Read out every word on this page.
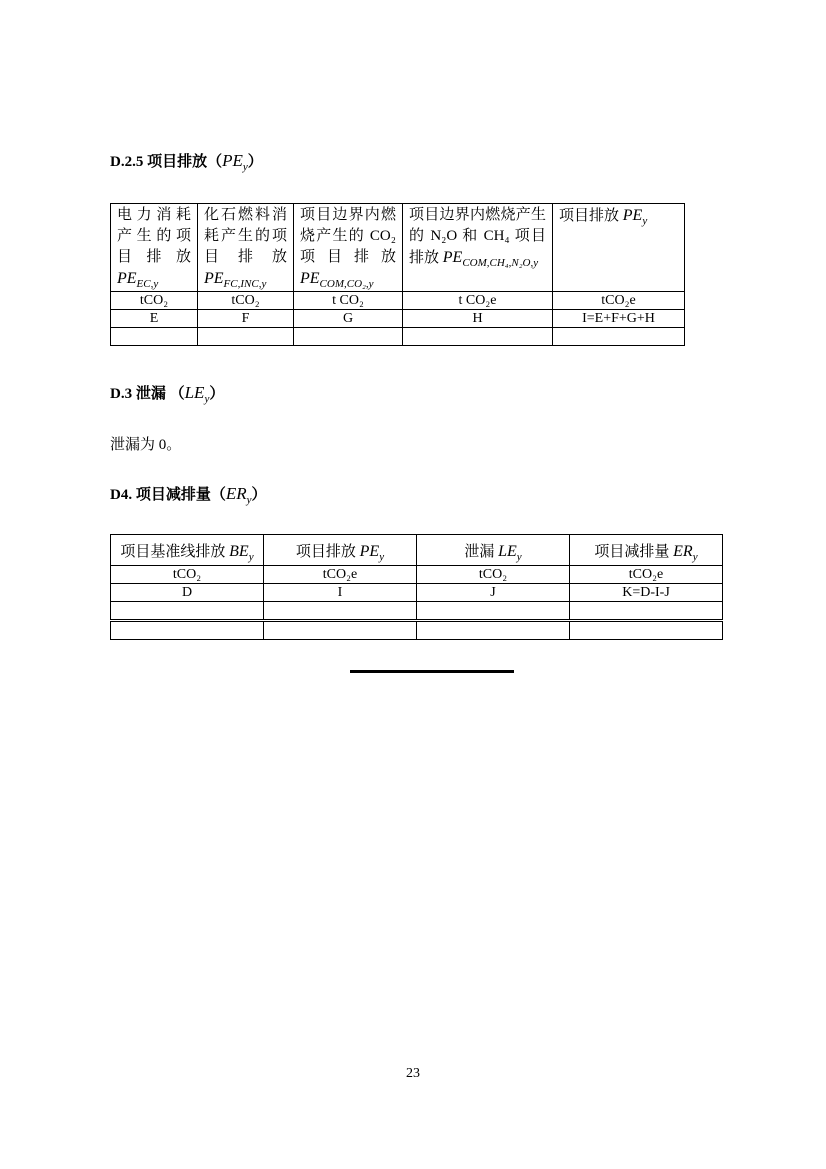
D.2.5 项目排放$(PE_y)$

电力消耗产生的项目排放 $PE_{EC,y}$	化石燃料消耗产生的项目排放 $PE_{FC,INC,y}$	项目边界内燃烧产生的 CO₂ 项目排放 $PE_{COM,CO_2,y}$	项目边界内燃烧产生的 N₂O 和 CH₄ 项目排放 $PE_{COM,CH_4,N_2O,y}$	项目排放 $PE_y$
tCO₂	tCO₂	t CO₂	t CO₂e	tCO₂e
E	F	G	H	I=E+F+G+H

D.3 泄漏 $(LE_y)$

泄漏为 0。

D4. 项目减排量$(ER_y)$

项目基准线排放 $BE_y$	项目排放 $PE_y$	泄漏 $LE_y$	项目减排量 $ER_y$
tCO₂	tCO₂e	tCO₂	tCO₂e
D	I	J	K=D-I-J

23
